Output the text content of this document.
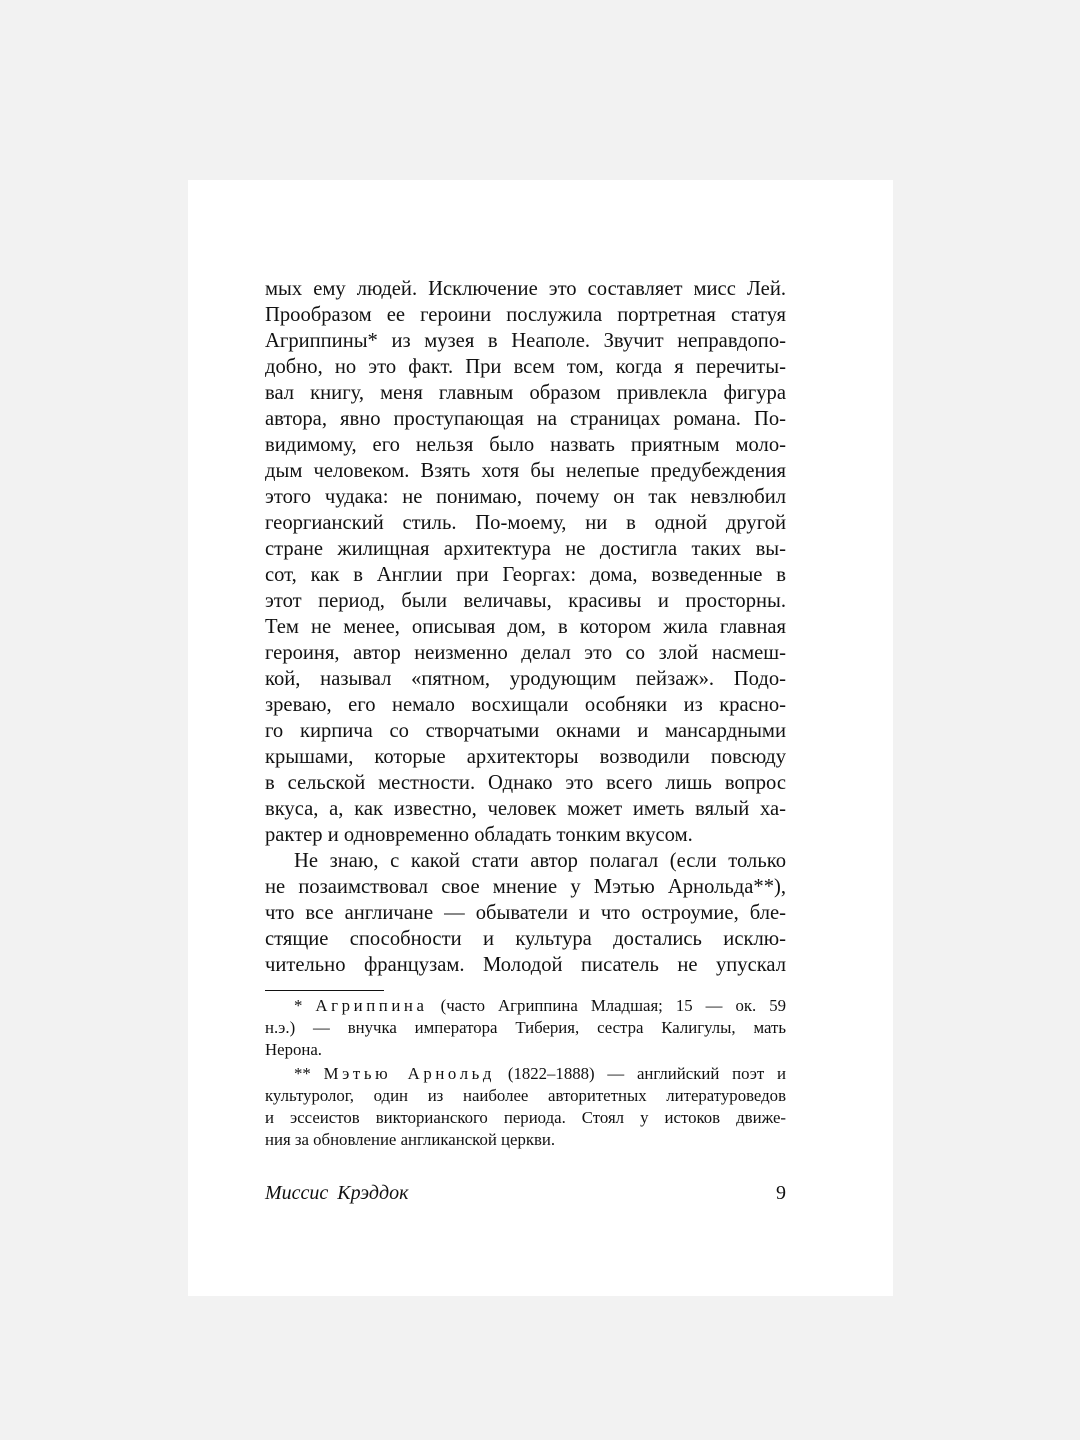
мых ему людей. Исключение это составляет мисс Лей.
Прообразом ее героини послужила портретная статуя
Агриппины* из музея в Неаполе. Звучит неправдопо-
добно, но это факт. При всем том, когда я перечиты-
вал книгу, меня главным образом привлекла фигура
автора, явно проступающая на страницах романа. По-
видимому, его нельзя было назвать приятным моло-
дым человеком. Взять хотя бы нелепые предубеждения
этого чудака: не понимаю, почему он так невзлюбил
георгианский стиль. По-моему, ни в одной другой
стране жилищная архитектура не достигла таких вы-
сот, как в Англии при Георгах: дома, возведенные в
этот период, были величавы, красивы и просторны.
Тем не менее, описывая дом, в котором жила главная
героиня, автор неизменно делал это со злой насмеш-
кой, называл «пятном, уродующим пейзаж». Подо-
зреваю, его немало восхищали особняки из красно-
го кирпича со створчатыми окнами и мансардными
крышами, которые архитекторы возводили повсюду
в сельской местности. Однако это всего лишь вопрос
вкуса, а, как известно, человек может иметь вялый ха-
рактер и одновременно обладать тонким вкусом.
Не знаю, с какой стати автор полагал (если только
не позаимствовал свое мнение у Мэтью Арнольда**),
что все англичане — обыватели и что остроумие, бле-
стящие способности и культура достались исклю-
чительно французам. Молодой писатель не упускал
* Агриппина (часто Агриппина Младшая; 15 — ок. 59
н.э.) — внучка императора Тиберия, сестра Калигулы, мать
Нерона.
** Мэтью Арнольд (1822–1888) — английский поэт и
культуролог, один из наиболее авторитетных литературоведов
и эссеистов викторианского периода. Стоял у истоков движе-
ния за обновление англиканской церкви.
Миссис Крэддок	9
